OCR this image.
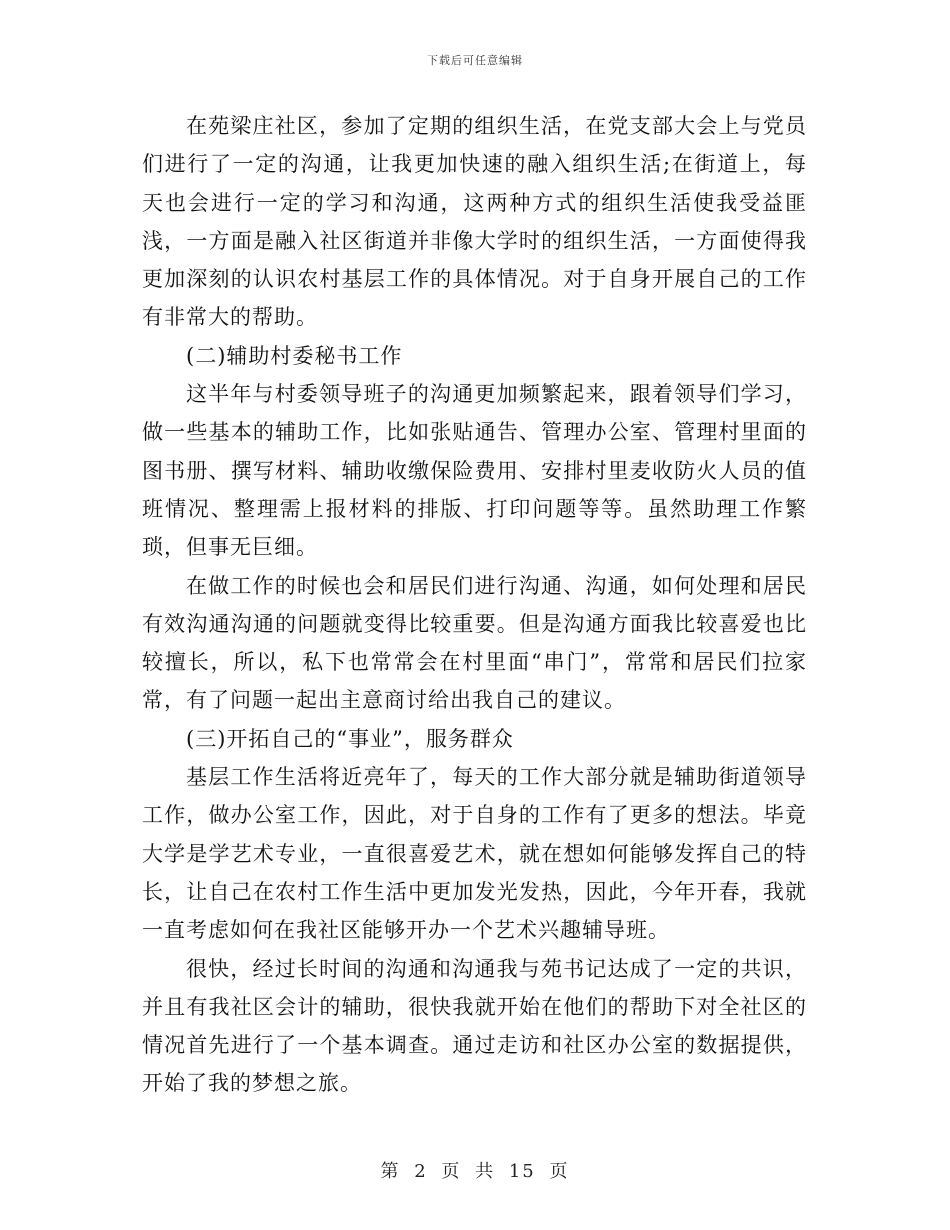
下载后可任意编辑

在苑梁庄社区，参加了定期的组织生活，在党支部大会上与党员们进行了一定的沟通，让我更加快速的融入组织生活;在街道上，每天也会进行一定的学习和沟通，这两种方式的组织生活使我受益匪浅，一方面是融入社区街道并非像大学时的组织生活，一方面使得我更加深刻的认识农村基层工作的具体情况。对于自身开展自己的工作有非常大的帮助。

(二)辅助村委秘书工作

这半年与村委领导班子的沟通更加频繁起来，跟着领导们学习，做一些基本的辅助工作，比如张贴通告、管理办公室、管理村里面的图书册、撰写材料、辅助收缴保险费用、安排村里麦收防火人员的值班情况、整理需上报材料的排版、打印问题等等。虽然助理工作繁琐，但事无巨细。

在做工作的时候也会和居民们进行沟通、沟通，如何处理和居民有效沟通沟通的问题就变得比较重要。但是沟通方面我比较喜爱也比较擅长，所以，私下也常常会在村里面“串门”，常常和居民们拉家常，有了问题一起出主意商讨给出我自己的建议。

(三)开拓自己的“事业”，服务群众

基层工作生活将近亮年了，每天的工作大部分就是辅助街道领导工作，做办公室工作，因此，对于自身的工作有了更多的想法。毕竟大学是学艺术专业，一直很喜爱艺术，就在想如何能够发挥自己的特长，让自己在农村工作生活中更加发光发热，因此，今年开春，我就一直考虑如何在我社区能够开办一个艺术兴趣辅导班。

很快，经过长时间的沟通和沟通我与苑书记达成了一定的共识，并且有我社区会计的辅助，很快我就开始在他们的帮助下对全社区的情况首先进行了一个基本调查。通过走访和社区办公室的数据提供，开始了我的梦想之旅。

第 2 页 共 15 页
